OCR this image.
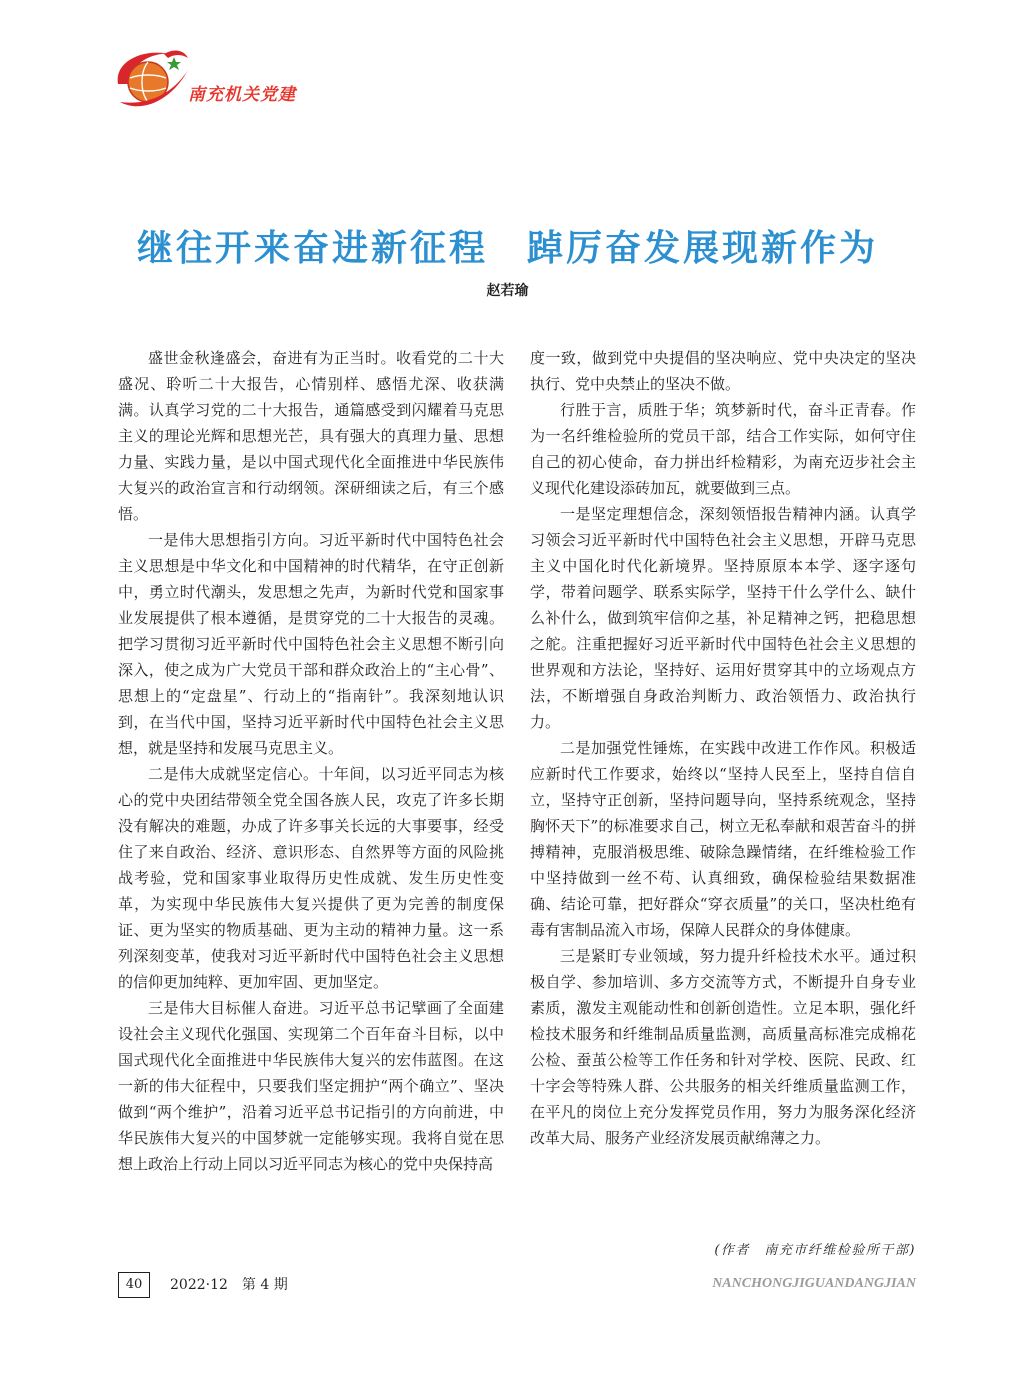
南充机关党建
继往开来奋进新征程　踔厉奋发展现新作为
赵若瑜

盛世金秋逢盛会，奋进有为正当时。收看党的二十大盛况、聆听二十大报告，心情别样、感悟尤深、收获满满。认真学习党的二十大报告，通篇感受到闪耀着马克思主义的理论光辉和思想光芒，具有强大的真理力量、思想力量、实践力量，是以中国式现代化全面推进中华民族伟大复兴的政治宣言和行动纲领。深研细读之后，有三个感悟。

一是伟大思想指引方向。习近平新时代中国特色社会主义思想是中华文化和中国精神的时代精华，在守正创新中，勇立时代潮头，发思想之先声，为新时代党和国家事业发展提供了根本遵循，是贯穿党的二十大报告的灵魂。把学习贯彻习近平新时代中国特色社会主义思想不断引向深入，使之成为广大党员干部和群众政治上的“主心骨”、思想上的“定盘星”、行动上的“指南针”。我深刻地认识到，在当代中国，坚持习近平新时代中国特色社会主义思想，就是坚持和发展马克思主义。

二是伟大成就坚定信心。十年间，以习近平同志为核心的党中央团结带领全党全国各族人民，攻克了许多长期没有解决的难题，办成了许多事关长远的大事要事，经受住了来自政治、经济、意识形态、自然界等方面的风险挑战考验，党和国家事业取得历史性成就、发生历史性变革，为实现中华民族伟大复兴提供了更为完善的制度保证、更为坚实的物质基础、更为主动的精神力量。这一系列深刻变革，使我对习近平新时代中国特色社会主义思想的信仰更加纯粹、更加牢固、更加坚定。

三是伟大目标催人奋进。习近平总书记擘画了全面建设社会主义现代化强国、实现第二个百年奋斗目标，以中国式现代化全面推进中华民族伟大复兴的宏伟蓝图。在这一新的伟大征程中，只要我们坚定拥护“两个确立”、坚决做到“两个维护”，沿着习近平总书记指引的方向前进，中华民族伟大复兴的中国梦就一定能够实现。我将自觉在思想上政治上行动上同以习近平同志为核心的党中央保持高

度一致，做到党中央提倡的坚决响应、党中央决定的坚决执行、党中央禁止的坚决不做。

行胜于言，质胜于华；筑梦新时代，奋斗正青春。作为一名纤维检验所的党员干部，结合工作实际，如何守住自己的初心使命，奋力拼出纤检精彩，为南充迈步社会主义现代化建设添砖加瓦，就要做到三点。

一是坚定理想信念，深刻领悟报告精神内涵。认真学习领会习近平新时代中国特色社会主义思想，开辟马克思主义中国化时代化新境界。坚持原原本本学、逐字逐句学，带着问题学、联系实际学，坚持干什么学什么、缺什么补什么，做到筑牢信仰之基，补足精神之钙，把稳思想之舵。注重把握好习近平新时代中国特色社会主义思想的世界观和方法论，坚持好、运用好贯穿其中的立场观点方法，不断增强自身政治判断力、政治领悟力、政治执行力。

二是加强党性锤炼，在实践中改进工作作风。积极适应新时代工作要求，始终以“坚持人民至上，坚持自信自立，坚持守正创新，坚持问题导向，坚持系统观念，坚持胸怀天下”的标准要求自己，树立无私奉献和艰苦奋斗的拼搏精神，克服消极思维、破除急躁情绪，在纤维检验工作中坚持做到一丝不苟、认真细致，确保检验结果数据准确、结论可靠，把好群众“穿衣质量”的关口，坚决杜绝有毒有害制品流入市场，保障人民群众的身体健康。

三是紧盯专业领域，努力提升纤检技术水平。通过积极自学、参加培训、多方交流等方式，不断提升自身专业素质，激发主观能动性和创新创造性。立足本职，强化纤检技术服务和纤维制品质量监测，高质量高标准完成棉花公检、蚕茧公检等工作任务和针对学校、医院、民政、红十字会等特殊人群、公共服务的相关纤维质量监测工作，在平凡的岗位上充分发挥党员作用，努力为服务深化经济改革大局、服务产业经济发展贡献绵薄之力。

(作者　南充市纤维检验所干部)
40	2022·12　第 4 期	NANCHONGJIGUANDANGJIAN
